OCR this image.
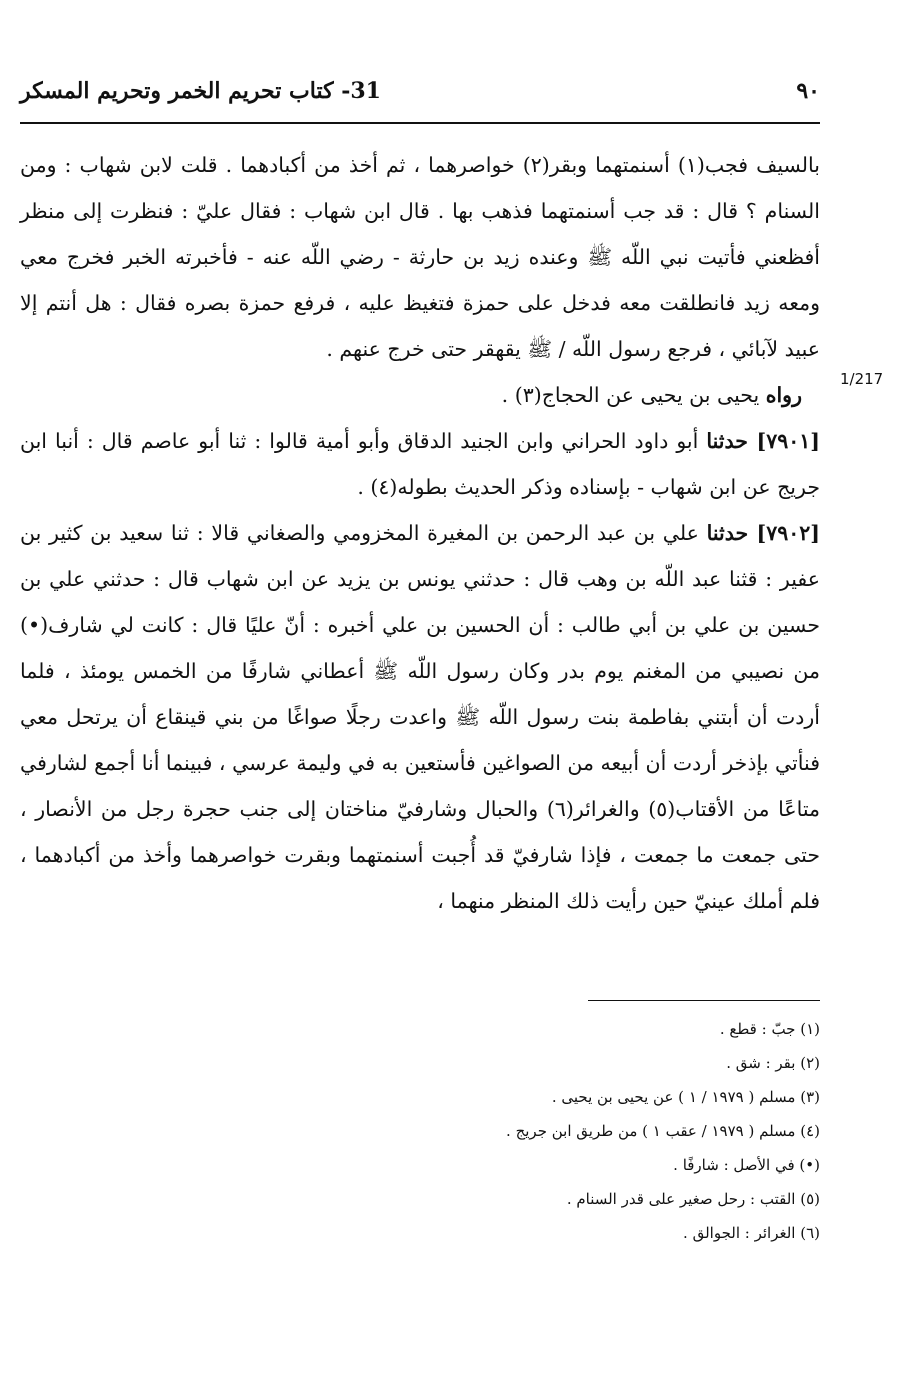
٩٠
31- كتاب تحريم الخمر وتحريم المسكر
1/217

بالسيف فجب(١) أسنمتهما وبقر(٢) خواصرهما ، ثم أخذ من أكبادهما . قلت لابن شهاب : ومن السنام ؟ قال : قد جب أسنمتهما فذهب بها . قال ابن شهاب : فقال عليّ : فنظرت إلى منظر أفظعني فأتيت نبي اللّه ﷺ وعنده زيد بن حارثة - رضي اللّه عنه - فأخبرته الخبر فخرج معي ومعه زيد فانطلقت معه فدخل على حمزة فتغيظ عليه ، فرفع حمزة بصره فقال : هل أنتم إلا عبيد لآبائي ، فرجع رسول اللّه / ﷺ يقهقر حتى خرج عنهم .

رواه يحيى بن يحيى عن الحجاج(٣) .

[٧٩٠١] حدثنا أبو داود الحراني وابن الجنيد الدقاق وأبو أمية قالوا : ثنا أبو عاصم قال : أنبا ابن جريج عن ابن شهاب - بإسناده وذكر الحديث بطوله(٤) .

[٧٩٠٢] حدثنا علي بن عبد الرحمن بن المغيرة المخزومي والصغاني قالا : ثنا سعيد بن كثير بن عفير : قثنا عبد اللّه بن وهب قال : حدثني يونس بن يزيد عن ابن شهاب قال : حدثني علي بن حسين بن علي بن أبي طالب : أن الحسين بن علي أخبره : أنّ عليًا قال : كانت لي شارف(•) من نصيبي من المغنم يوم بدر وكان رسول اللّه ﷺ أعطاني شارفًا من الخمس يومئذ ، فلما أردت أن أبتني بفاطمة بنت رسول اللّه ﷺ واعدت رجلًا صواغًا من بني قينقاع أن يرتحل معي فنأتي بإذخر أردت أن أبيعه من الصواغين فأستعين به في وليمة عرسي ، فبينما أنا أجمع لشارفي متاعًا من الأقتاب(٥) والغرائر(٦) والحبال وشارفيّ مناختان إلى جنب حجرة رجل من الأنصار ، حتى جمعت ما جمعت ، فإذا شارفيّ قد أُجبت أسنمتهما وبقرت خواصرهما وأخذ من أكبادهما ، فلم أملك عينيّ حين رأيت ذلك المنظر منهما ،

(١) جبّ : قطع .
(٢) بقر : شق .
(٣) مسلم ( ١٩٧٩ / ١ ) عن يحيى بن يحيى .
(٤) مسلم ( ١٩٧٩ / عقب ١ ) من طريق ابن جريج .
(•) في الأصل : شارفًا .
(٥) القتب : رحل صغير على قدر السنام .
(٦) الغرائر : الجوالق .
